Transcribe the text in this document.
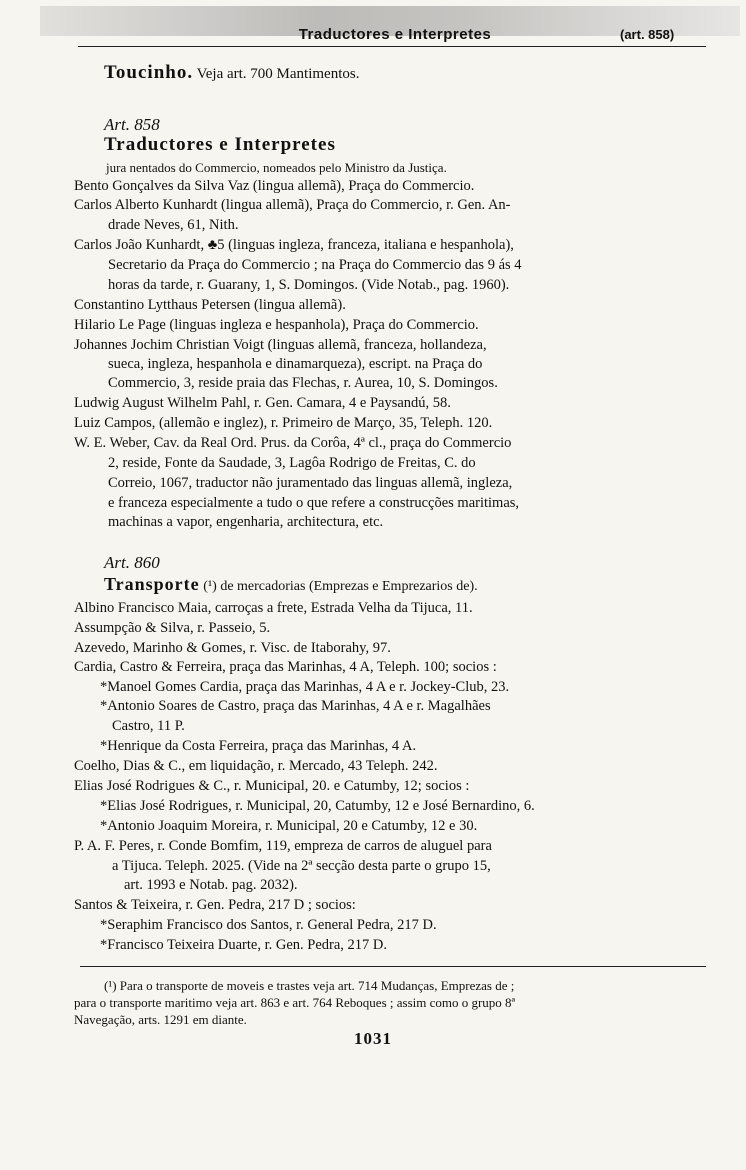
Traductores e Interpretes	(art. 858)
Toucinho. Veja art. 700 Mantimentos.
Art. 858
Traductores e Interpretes
jura nentados do Commercio, nomeados pelo Ministro da Justiça.
Bento Gonçalves da Silva Vaz (lingua allemã), Praça do Commercio.
Carlos Alberto Kunhardt (lingua allemã), Praça do Commercio, r. Gen. An-
drade Neves, 61, Nith.
Carlos João Kunhardt, ♣5 (linguas ingleza, franceza, italiana e hespanhola),
Secretario da Praça do Commercio ; na Praça do Commercio das 9 ás 4
horas da tarde, r. Guarany, 1, S. Domingos. (Vide Notab., pag. 1960).
Constantino Lytthaus Petersen (lingua allemã).
Hilario Le Page (linguas ingleza e hespanhola), Praça do Commercio.
Johannes Jochim Christian Voigt (linguas allemã, franceza, hollandeza,
sueca, ingleza, hespanhola e dinamarqueza), escript. na Praça do
Commercio, 3, reside praia das Flechas, r. Aurea, 10, S. Domingos.
Ludwig August Wilhelm Pahl, r. Gen. Camara, 4 e Paysandú, 58.
Luiz Campos, (allemão e inglez), r. Primeiro de Março, 35, Teleph. 120.
W. E. Weber, Cav. da Real Ord. Prus. da Corôa, 4ª cl., praça do Commercio
2, reside, Fonte da Saudade, 3, Lagôa Rodrigo de Freitas, C. do
Correio, 1067, traductor não juramentado das linguas allemã, ingleza,
e franceza especialmente a tudo o que refere a construcções maritimas,
machinas a vapor, engenharia, architectura, etc.
Art. 860
Transporte (¹) de mercadorias (Emprezas e Emprezarios de).
Albino Francisco Maia, carroças a frete, Estrada Velha da Tijuca, 11.
Assumpção & Silva, r. Passeio, 5.
Azevedo, Marinho & Gomes, r. Visc. de Itaborahy, 97.
Cardia, Castro & Ferreira, praça das Marinhas, 4 A, Teleph. 100; socios :
*Manoel Gomes Cardia, praça das Marinhas, 4 A e r. Jockey-Club, 23.
*Antonio Soares de Castro, praça das Marinhas, 4 A e r. Magalhães
Castro, 11 P.
*Henrique da Costa Ferreira, praça das Marinhas, 4 A.
Coelho, Dias & C., em liquidação, r. Mercado, 43 Teleph. 242.
Elias José Rodrigues & C., r. Municipal, 20. e Catumby, 12; socios :
*Elias José Rodrigues, r. Municipal, 20, Catumby, 12 e José Bernardino, 6.
*Antonio Joaquim Moreira, r. Municipal, 20 e Catumby, 12 e 30.
P. A. F. Peres, r. Conde Bomfim, 119, empreza de carros de aluguel para
a Tijuca. Teleph. 2025. (Vide na 2ª secção desta parte o grupo 15,
art. 1993 e Notab. pag. 2032).
Santos & Teixeira, r. Gen. Pedra, 217 D ; socios:
*Seraphim Francisco dos Santos, r. General Pedra, 217 D.
*Francisco Teixeira Duarte, r. Gen. Pedra, 217 D.
(¹) Para o transporte de moveis e trastes veja art. 714 Mudanças, Emprezas de ;
para o transporte maritimo veja art. 863 e art. 764 Reboques ; assim como o grupo 8ª
Navegação, arts. 1291 em diante.
1031
